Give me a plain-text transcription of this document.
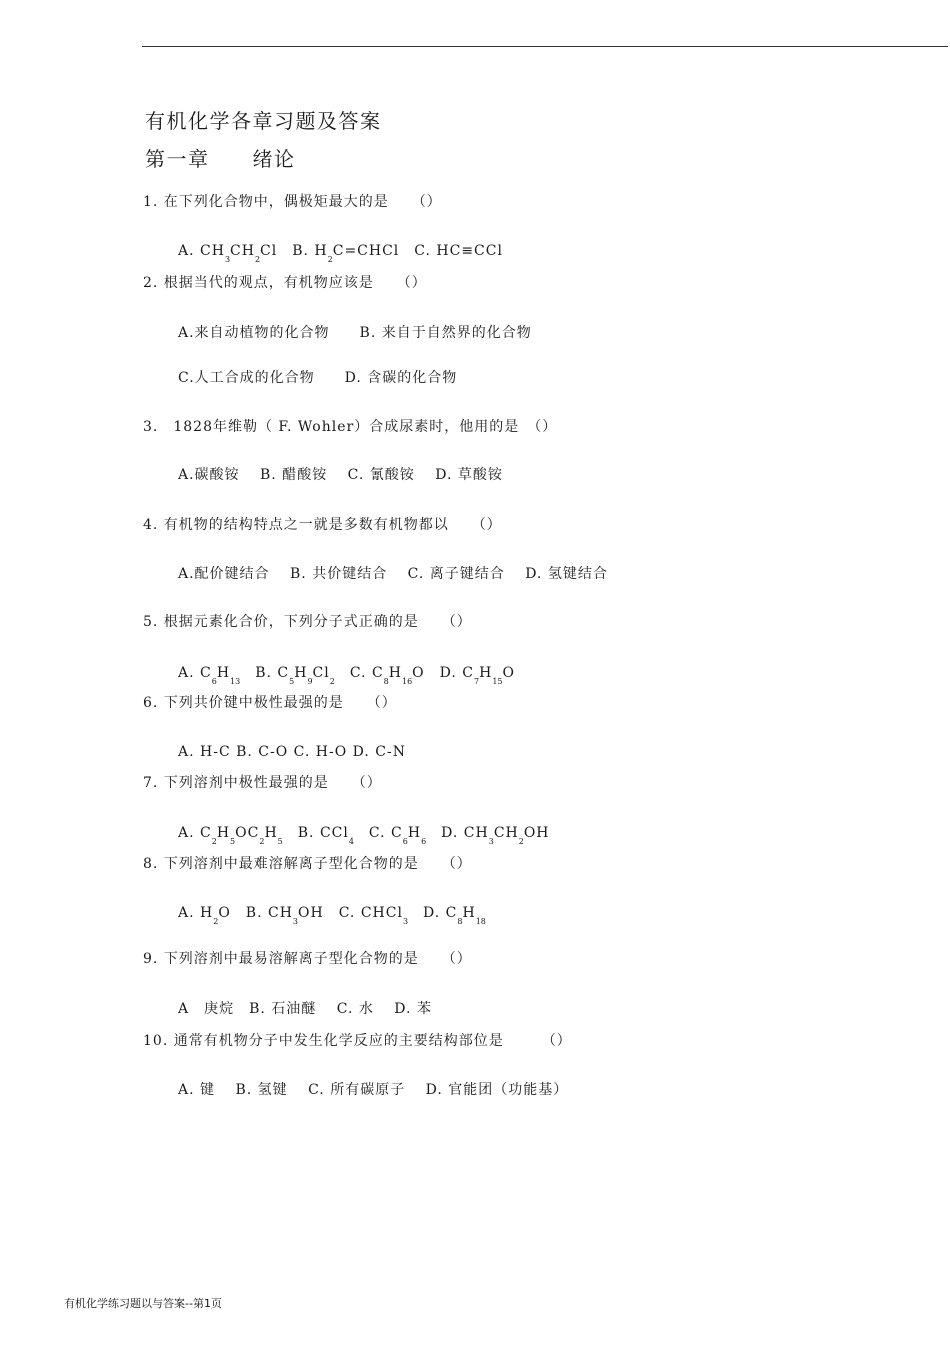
有机化学各章习题及答案
第一章　　绪论
1. 在下列化合物中，偶极矩最大的是　　（）
A. $CH_3CH_2Cl$　B. $H_2C=CHCl$　C. HC≡CCl
2. 根据当代的观点，有机物应该是　　（）
A.来自动植物的化合物　　B. 来自于自然界的化合物
C.人工合成的化合物　　D. 含碳的化合物
3.　1828年维勒（ F. Wohler）合成尿素时，他用的是　（）
A.碳酸铵　 B. 醋酸铵　 C. 氰酸铵　 D. 草酸铵
4. 有机物的结构特点之一就是多数有机物都以　　（）
A.配价键结合　 B. 共价键结合　 C. 离子键结合　 D. 氢键结合
5. 根据元素化合价，下列分子式正确的是　　（）
A. $C_6H_{13}$　B. $C_5H_9Cl_2$　C. $C_8H_{16}O$　D. $C_7H_{15}O$
6. 下列共价键中极性最强的是　　（）
A. H-C B. C-O C. H-O D. C-N
7. 下列溶剂中极性最强的是　　（）
A. $C_2H_5OC_2H_5$　B. CCl$_4$　C. $C_6H_6$　D. $CH_3CH_2OH$
8. 下列溶剂中最难溶解离子型化合物的是　　（）
A. $H_2O$　B. $CH_3OH$　C. CHCl$_3$　D. $C_8H_{18}$
9. 下列溶剂中最易溶解离子型化合物的是　　（）
A　庚烷　B. 石油醚　 C. 水　 D. 苯
10. 通常有机物分子中发生化学反应的主要结构部位是　　　（）
A. 键　 B. 氢键　 C. 所有碳原子　 D. 官能团（功能基）
有机化学练习题以与答案--第1页
